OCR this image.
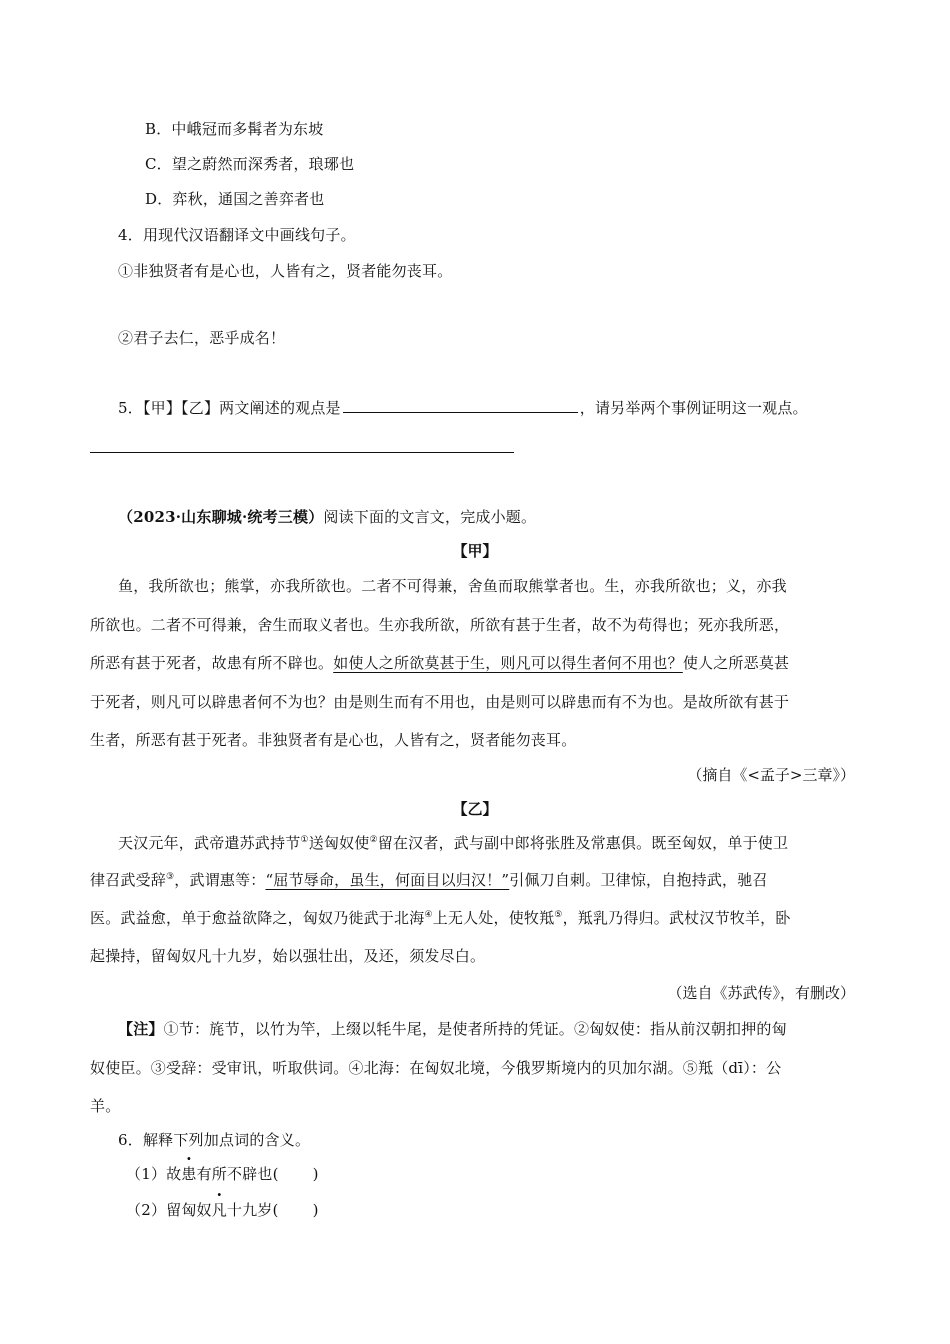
B．中峨冠而多髯者为东坡
C．望之蔚然而深秀者，琅琊也
D．弈秋，通国之善弈者也
4．用现代汉语翻译文中画线句子。
①非独贤者有是心也，人皆有之，贤者能勿丧耳。
②君子去仁，恶乎成名！
5．【甲】【乙】两文阐述的观点是	，请另举两个事例证明这一观点。
（2023·山东聊城·统考三模）阅读下面的文言文，完成小题。
【甲】
鱼，我所欲也；熊掌，亦我所欲也。二者不可得兼，舍鱼而取熊掌者也。生，亦我所欲也；义，亦我
所欲也。二者不可得兼，舍生而取义者也。生亦我所欲，所欲有甚于生者，故不为苟得也；死亦我所恶，
所恶有甚于死者，故患有所不辟也。如使人之所欲莫甚于生，则凡可以得生者何不用也？使人之所恶莫甚
于死者，则凡可以辟患者何不为也？由是则生而有不用也，由是则可以辟患而有不为也。是故所欲有甚于
生者，所恶有甚于死者。非独贤者有是心也，人皆有之，贤者能勿丧耳。
（摘自《<孟子>三章》）
【乙】
天汉元年，武帝遣苏武持节①送匈奴使②留在汉者，武与副中郎将张胜及常惠俱。既至匈奴，单于使卫
律召武受辞③，武谓惠等：“屈节辱命，虽生，何面目以归汉！”引佩刀自刺。卫律惊，自抱持武，驰召
医。武益愈，单于愈益欲降之，匈奴乃徙武于北海④上无人处，使牧羝⑤，羝乳乃得归。武杖汉节牧羊，卧
起操持，留匈奴凡十九岁，始以强壮出，及还，须发尽白。
（选自《苏武传》，有删改）
【注】①节：旄节，以竹为竿，上缀以牦牛尾，是使者所持的凭证。②匈奴使：指从前汉朝扣押的匈
奴使臣。③受辞：受审讯，听取供词。④北海：在匈奴北境，今俄罗斯境内的贝加尔湖。⑤羝（dī）：公
羊。
6．解释下列加点词的含义。
（1）故患有所不辟也( )
（2）留匈奴凡十九岁( )
